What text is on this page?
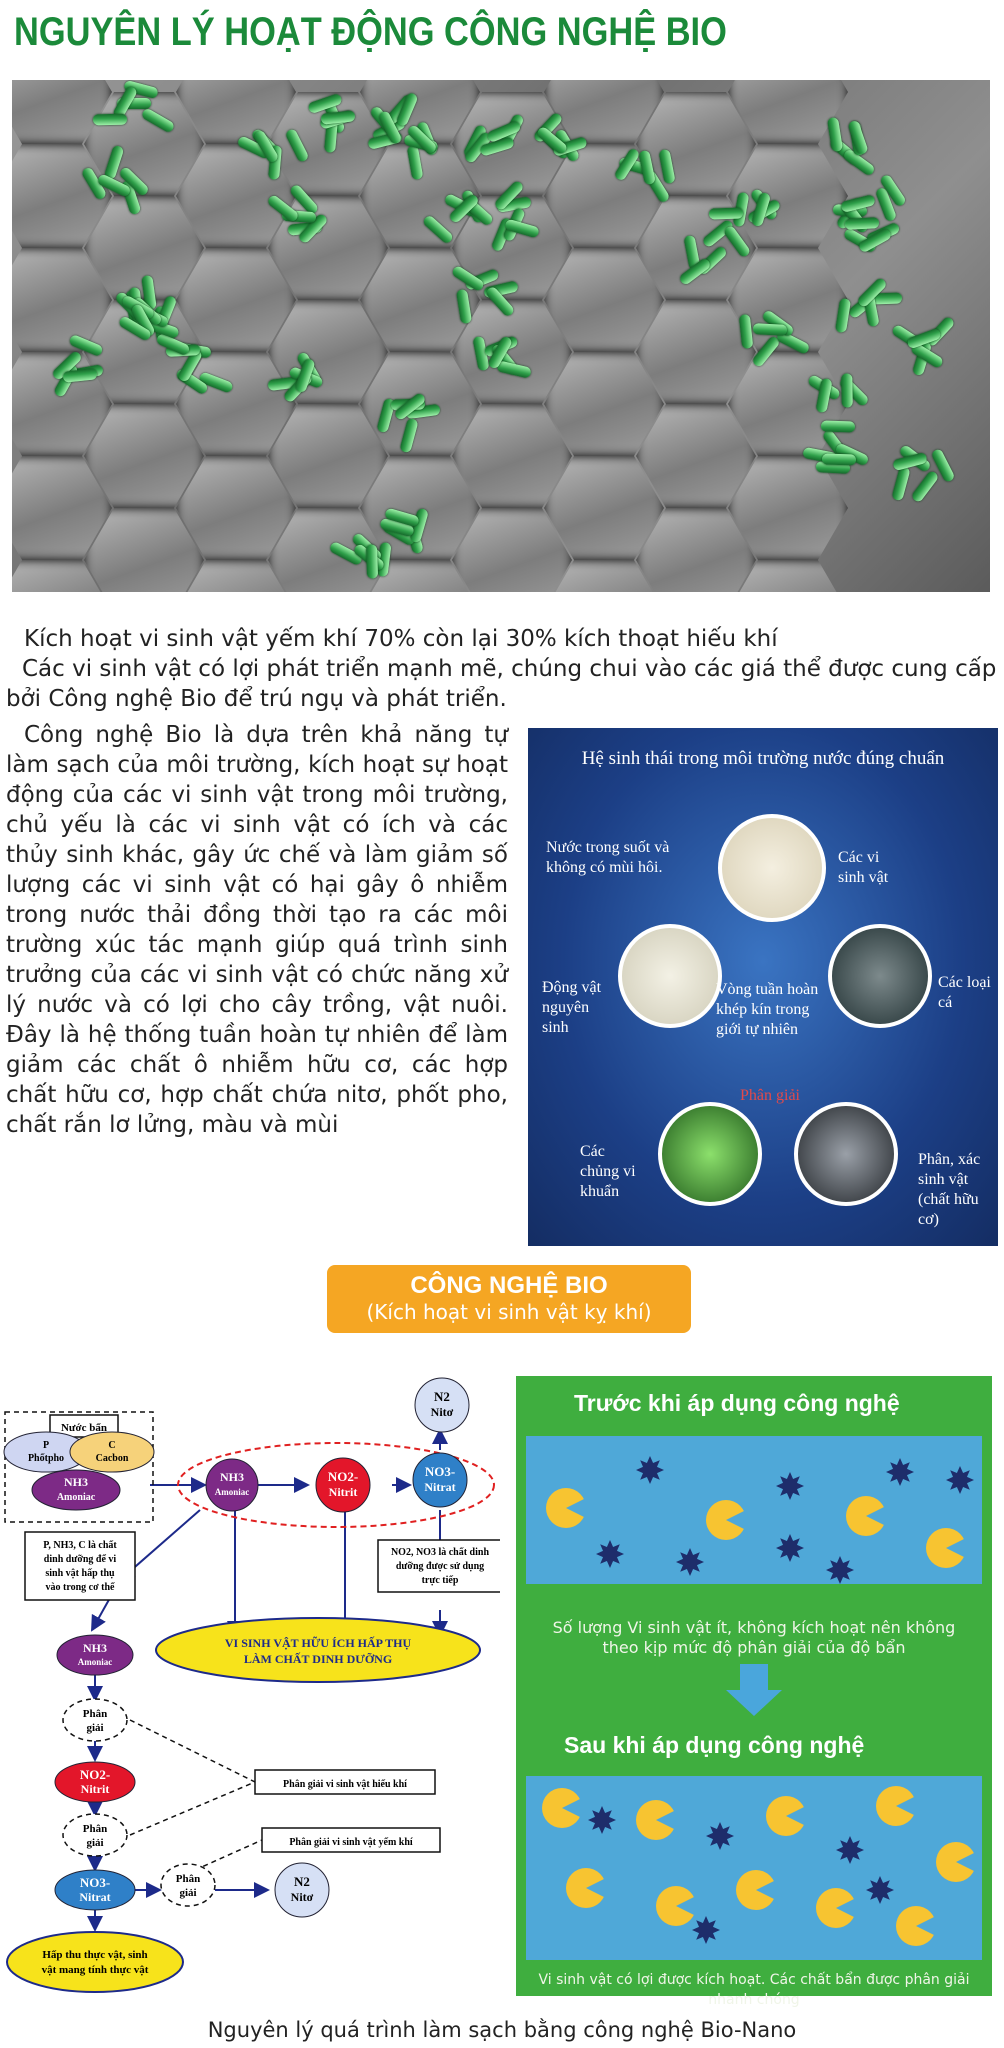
NGUYÊN LÝ HOẠT ĐỘNG CÔNG NGHỆ BIO
Kích hoạt vi sinh vật yếm khí 70% còn lại 30% kích thoạt hiếu khí
Các vi sinh vật có lợi phát triển mạnh mẽ, chúng chui vào các giá thể được cung cấp bởi Công nghệ Bio để trú ngụ và phát triển.
Công nghệ Bio là dựa trên khả năng tự làm sạch của môi trường, kích hoạt sự hoạt động của các vi sinh vật trong môi trường, chủ yếu là các vi sinh vật có ích và các thủy sinh khác, gây ức chế và làm giảm số lượng các vi sinh vật có hại gây ô nhiễm trong nước thải đồng thời tạo ra các môi trường xúc tác mạnh giúp quá trình sinh trưởng của các vi sinh vật có chức năng xử lý nước và có lợi cho cây trồng, vật nuôi. Đây là hệ thống tuần hoàn tự nhiên để làm giảm các chất ô nhiễm hữu cơ, các hợp chất hữu cơ, hợp chất chứa nitơ, phốt pho, chất rắn lơ lửng, màu và mùi
Hệ sinh thái trong môi trường nước đúng chuẩn
Nước trong suốt và không có mùi hôi.
Các vi sinh vật
Các loại cá
Động vật nguyên sinh
Vòng tuần hoàn khép kín trong giới tự nhiên
Phân giải
Các chủng vi khuẩn
Phân, xác sinh vật (chất hữu cơ)
CÔNG NGHỆ BIO
(Kích hoạt vi sinh vật kỵ khí)
Nước bẩn
P
Phốtpho
C
Cacbon
NH3
Amoniac
P, NH3, C là chất
dinh dưỡng để vi
sinh vật hấp thụ
vào trong cơ thể
NH3
Amoniac
NO2-
Nitrit
NO3-
Nitrat
N2
Nitơ
NO2, NO3 là chất dinh
dưỡng được sử dụng
trực tiếp
VI SINH VẬT HỮU ÍCH HẤP THỤ
LÀM CHẤT DINH DƯỠNG
NH3
Amoniac
Phân
giải
NO2-
Nitrit
Phân
giải
NO3-
Nitrat
Phân
giải
N2
Nitơ
Phân giải vi sinh vật hiếu khí
Phân giải vi sinh vật yếm khí
Hấp thu thực vật, sinh
vật mang tính thực vật
Trước khi áp dụng công nghệ
Số lượng Vi sinh vật ít, không kích hoạt nên không theo kịp mức độ phân giải của độ bẩn
Sau khi áp dụng công nghệ
Vi sinh vật có lợi được kích hoạt. Các chất bẩn được phân giải nhanh chóng
Nguyên lý quá trình làm sạch bằng công nghệ Bio-Nano
